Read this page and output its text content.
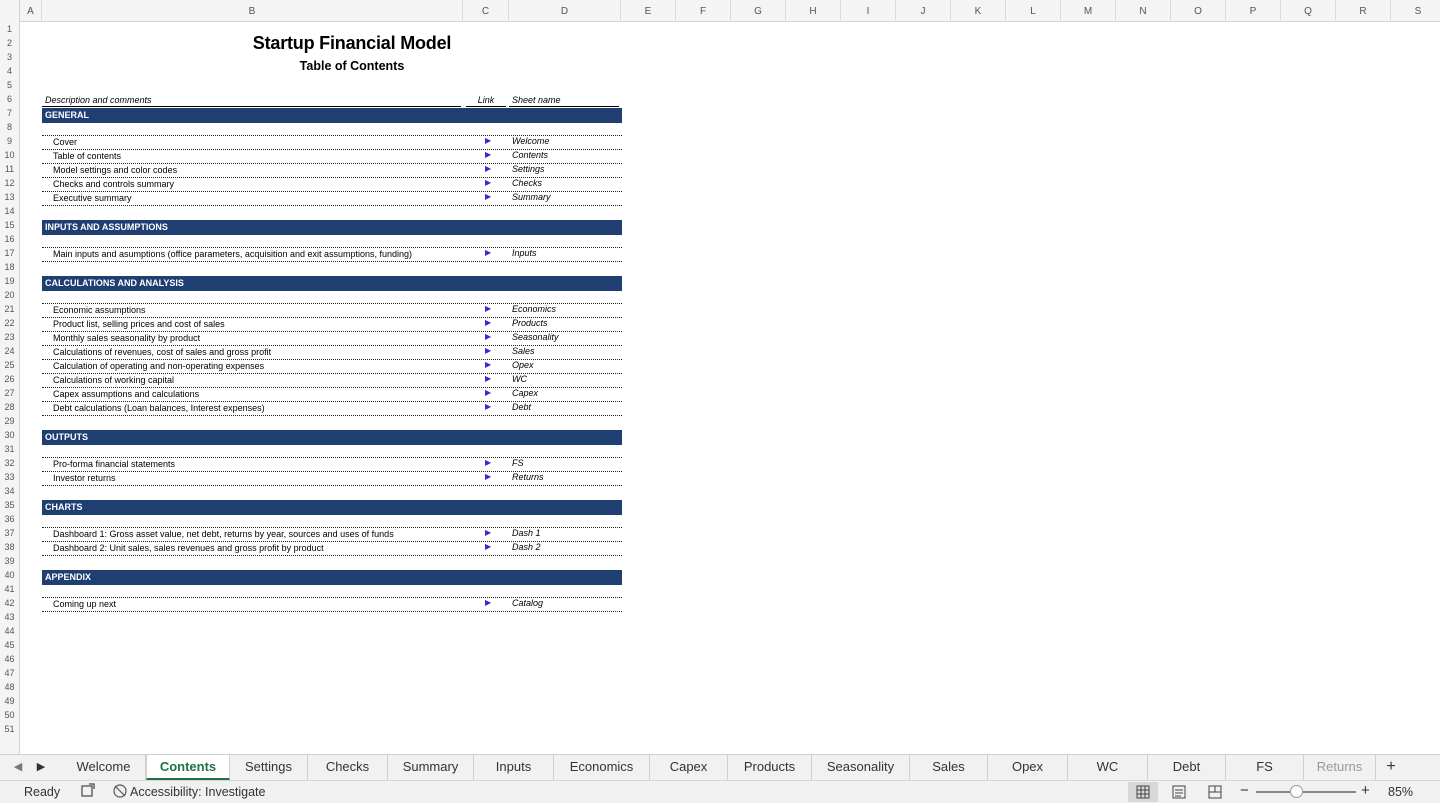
A	B	C	D	E	F	G	H	I	J	K	L	M	N	O	P	Q	R	S
1
2
3
4
5
6
7
8
9
10
11
12
13
14
15
16
17
18
19
20
21
22
23
24
25
26
27
28
29
30
31
32
33
34
35
36
37
38
39
40
41
42
43
44
45
46
47
48
49
50
51
Startup Financial Model
Table of Contents
Description and comments	Link	Sheet name
GENERAL
Cover	▶ Welcome
Table of contents	▶ Contents
Model settings and color codes	▶ Settings
Checks and controls summary	▶ Checks
Executive summary	▶ Summary
INPUTS AND ASSUMPTIONS
Main inputs and asumptions (office parameters, acquisition and exit assumptions, funding)	▶ Inputs
CALCULATIONS AND ANALYSIS
Economic assumptions	▶ Economics
Product list, selling prices and cost of sales	▶ Products
Monthly sales seasonality by product	▶ Seasonality
Calculations of revenues, cost of sales and gross profit	▶ Sales
Calculation of operating and non-operating expenses	▶ Opex
Calculations of working capital	▶ WC
Capex assumptions and calculations	▶ Capex
Debt calculations (Loan balances, Interest expenses)	▶ Debt
OUTPUTS
Pro-forma financial statements	▶ FS
Investor returns	▶ Returns
CHARTS
Dashboard 1: Gross asset value, net debt, returns by year, sources and uses of funds	▶ Dash 1
Dashboard 2: Unit sales, sales revenues and gross profit by product	▶ Dash 2
APPENDIX
Coming up next	▶ Catalog
◀	▶	Welcome	Contents	Settings	Checks	Summary	Inputs	Economics	Capex	Products	Seasonality	Sales	Opex	WC	Debt	FS	Returns	+
Ready	Accessibility: Investigate	−	+ 85%
